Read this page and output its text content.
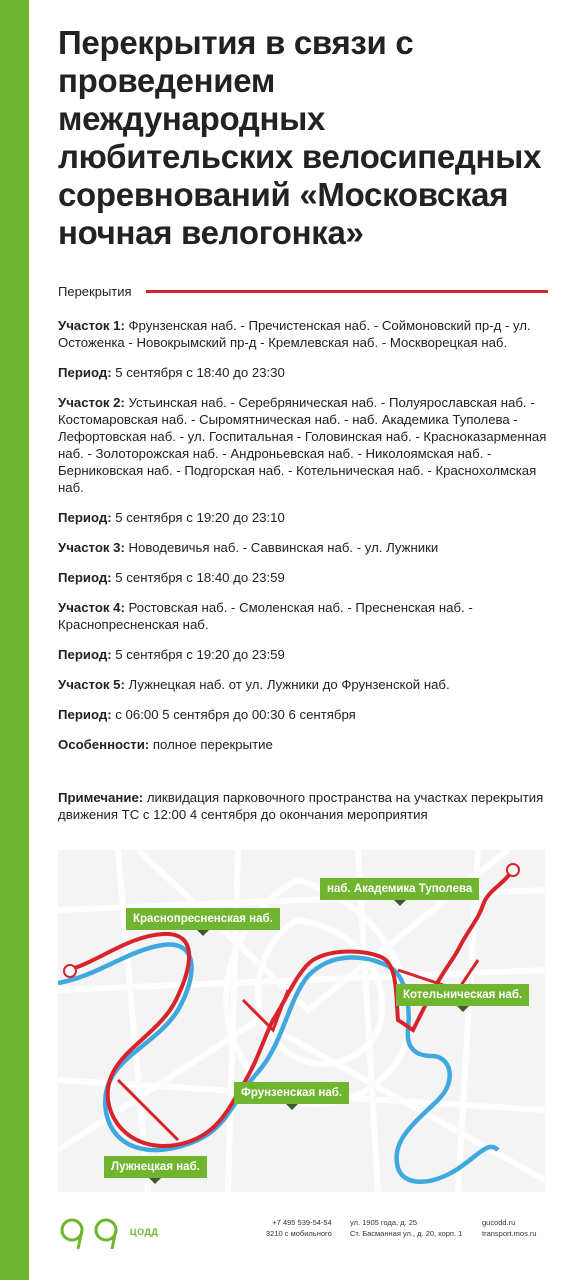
Перекрытия в связи с проведением международных любительских велосипедных соревнований «Московская ночная велогонка»
Перекрытия
Участок 1: Фрунзенская наб. - Пречистенская наб. - Соймоновский пр-д - ул. Остоженка - Новокрымский пр-д - Кремлевская наб. - Москворецкая наб.
Период: 5 сентября с 18:40 до 23:30
Участок 2: Устьинская наб. - Серебряническая наб. - Полуярославская наб. - Костомаровская наб. - Сыромятническая наб. - наб. Академика Туполева - Лефортовская наб. - ул. Госпитальная - Головинская наб. - Красноказарменная наб. - Золоторожская наб. - Андроньевская наб. - Николоямская наб. - Берниковская наб. - Подгорская наб. - Котельническая наб. - Краснохолмская наб.
Период: 5 сентября с 19:20 до 23:10
Участок 3: Новодевичья наб. - Саввинская наб. - ул. Лужники
Период: 5 сентября с 18:40 до 23:59
Участок 4: Ростовская наб. - Смоленская наб. - Пресненская наб. - Краснопресненская наб.
Период: 5 сентября с 19:20 до 23:59
Участок 5: Лужнецкая наб. от ул. Лужники до Фрунзенской наб.
Период: с 06:00 5 сентября до 00:30 6 сентября
Особенности: полное перекрытие
Примечание: ликвидация парковочного пространства на участках перекрытия движения ТС с 12:00 4 сентября до окончания мероприятия
наб. Академика Туполева
Краснопресненская наб.
Котельническая наб.
Фрунзенская наб.
Лужнецкая наб.
ЦОДД
+7 495 539-54-54
3210 с мобильного
ул. 1905 года, д. 25
Ст. Басманная ул., д. 20, корп. 1
gucodd.ru
transport.mos.ru
